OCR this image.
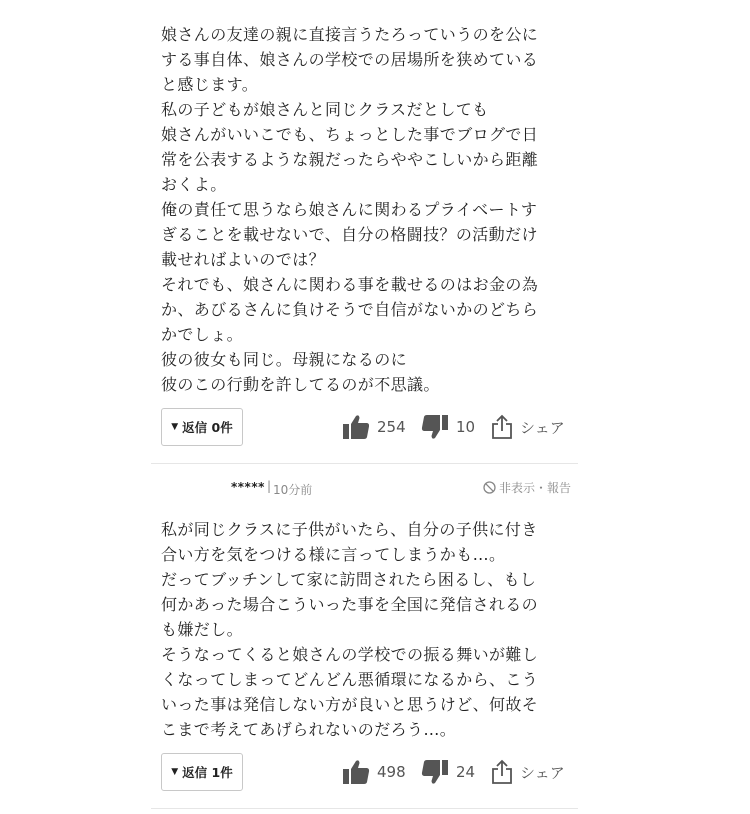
娘さんの友達の親に直接言うたろっていうのを公に

する事自体、娘さんの学校での居場所を狭めている

と感じます。

私の子どもが娘さんと同じクラスだとしても

娘さんがいいこでも、ちょっとした事でブログで日

常を公表するような親だったらややこしいから距離

おくよ。

俺の責任て思うなら娘さんに関わるプライベートす

ぎることを載せないで、自分の格闘技？の活動だけ

載せればよいのでは？

それでも、娘さんに関わる事を載せるのはお金の為

か、あびるさんに負けそうで自信がないかのどちら

かでしょ。

彼の彼女も同じ。母親になるのに

彼のこの行動を許してるのが不思議。

▼ 返信 0件	254	10	シェア
***** | 10分前	非表示・報告

私が同じクラスに子供がいたら、自分の子供に付き

合い方を気をつける様に言ってしまうかも…。

だってブッチンして家に訪問されたら困るし、もし

何かあった場合こういった事を全国に発信されるの

も嫌だし。

そうなってくると娘さんの学校での振る舞いが難し

くなってしまってどんどん悪循環になるから、こう

いった事は発信しない方が良いと思うけど、何故そ

こまで考えてあげられないのだろう…。

▼ 返信 1件	498	24	シェア
